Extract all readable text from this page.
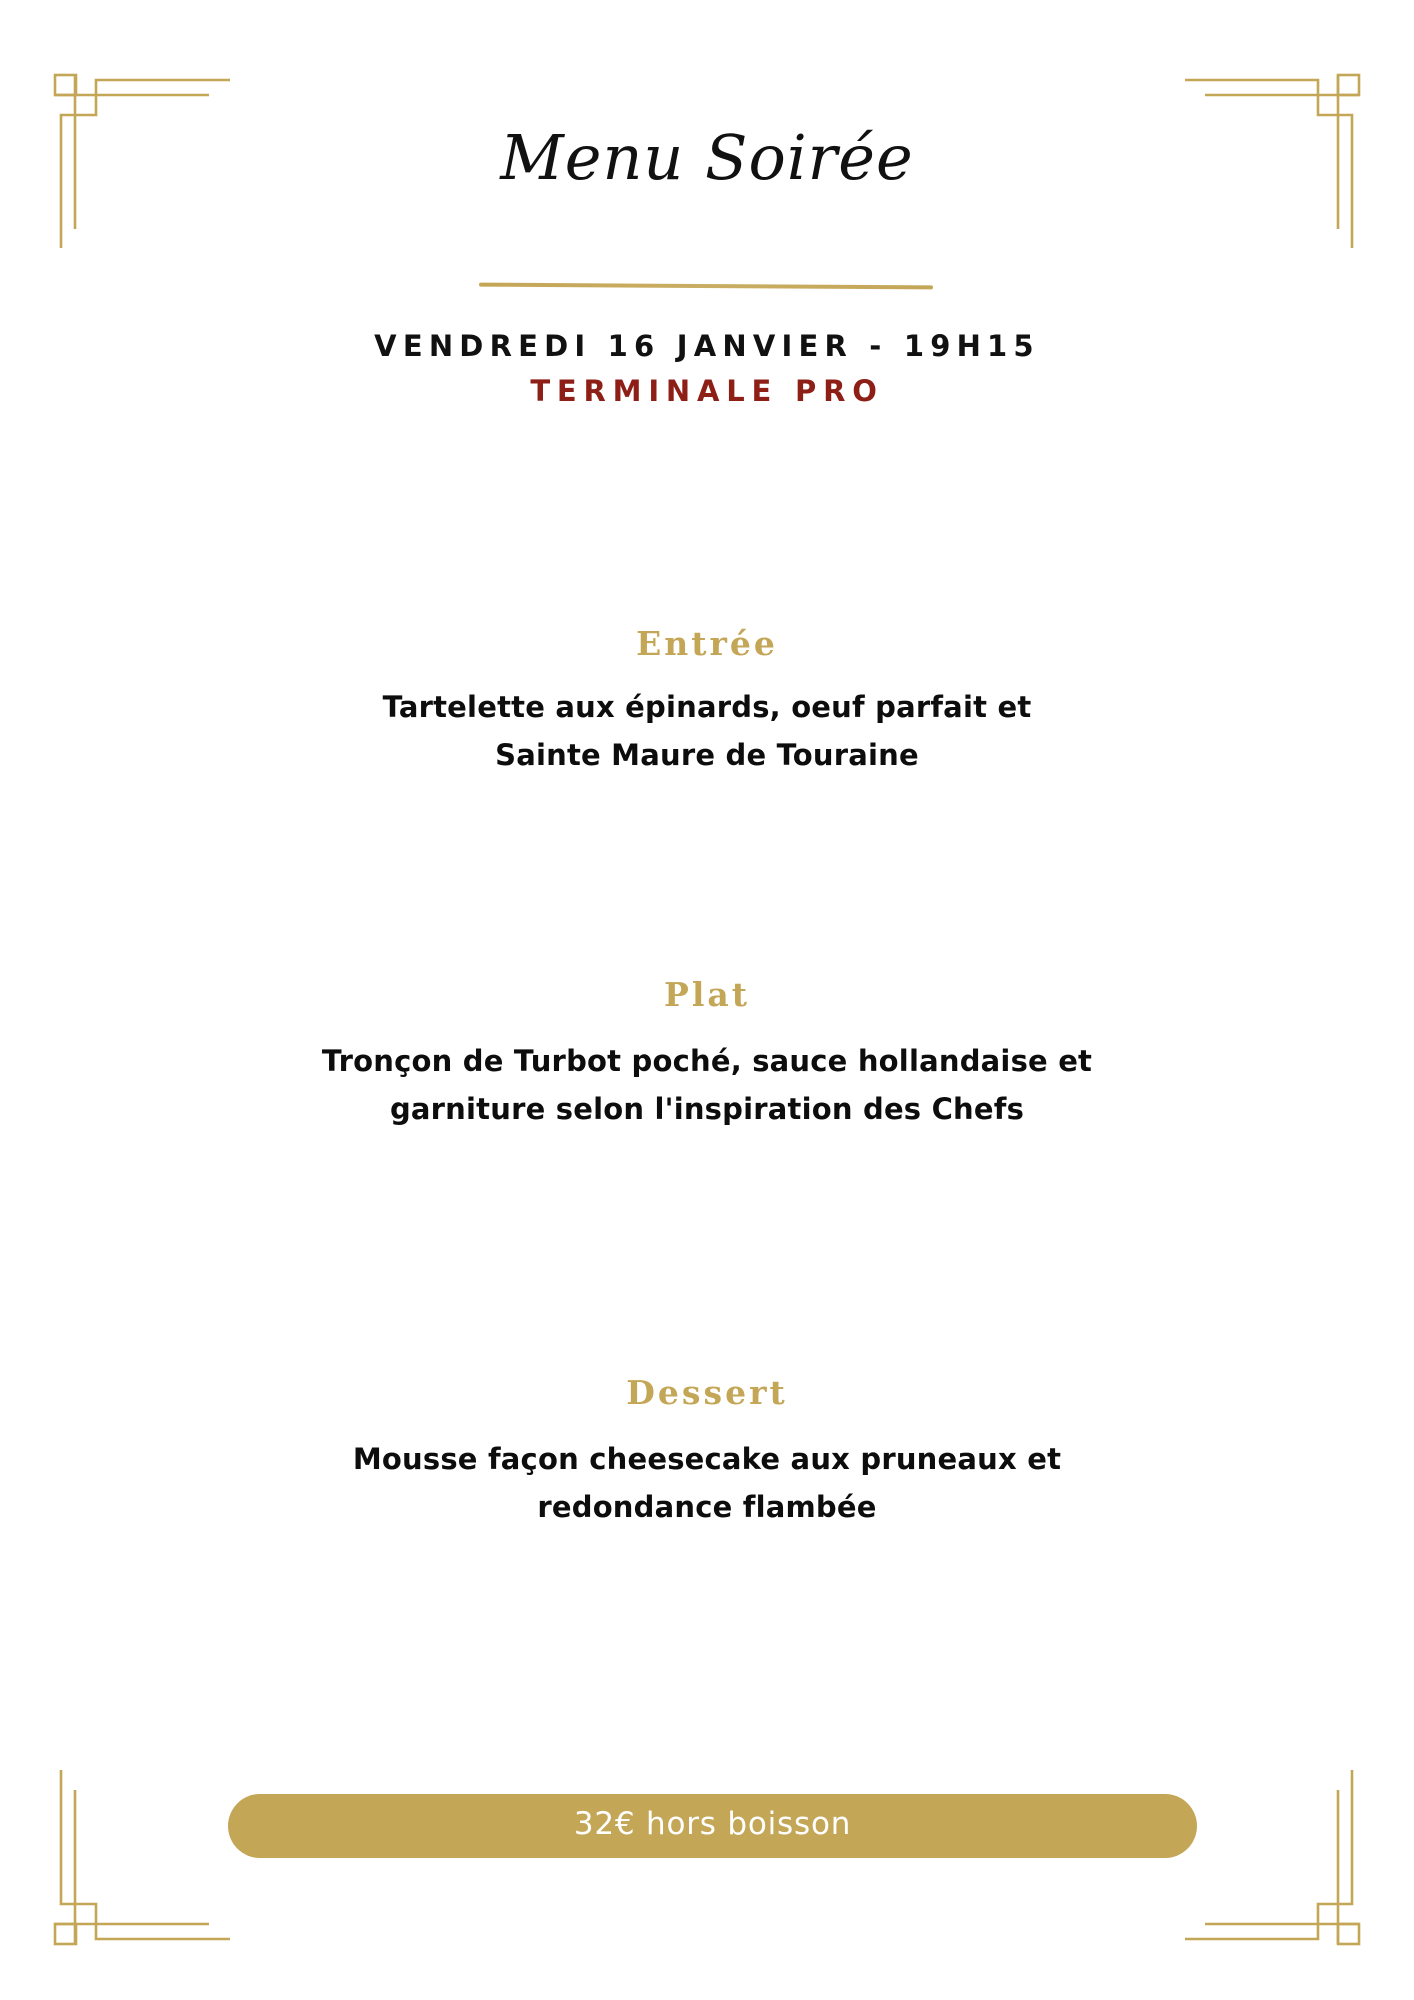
Menu Soirée
VENDREDI 16 JANVIER - 19H15
TERMINALE PRO
Entrée
Tartelette aux épinards, oeuf parfait et
Sainte Maure de Touraine
Plat
Tronçon de Turbot poché, sauce hollandaise et
garniture selon l'inspiration des Chefs
Dessert
Mousse façon cheesecake aux pruneaux et
redondance flambée
32€ hors boisson
